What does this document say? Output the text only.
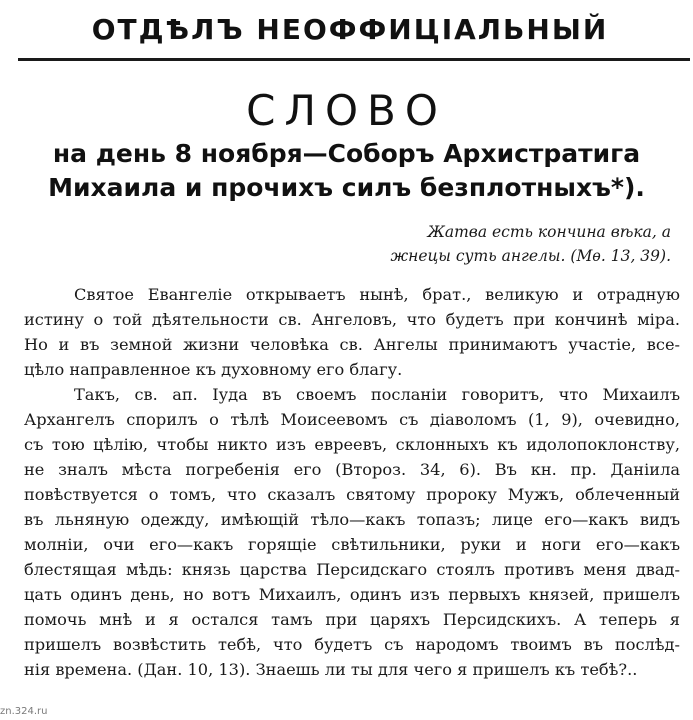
ОТДѢЛЪ НЕОФФИЦІАЛЬНЫЙ
СЛОВО
на день 8 ноября—Соборъ Архистратига
Михаила и прочихъ силъ безплотныхъ*).
Жатва есть кончина вѣка, а
жнецы суть ангелы. (Мѳ. 13, 39).
Святое Евангеліе открываетъ нынѣ, брат., великую и отрадную
истину о той дѣятельности св. Ангеловъ, что будетъ при кончинѣ міра.
Но и въ земной жизни человѣка св. Ангелы принимаютъ участіе, все-
цѣло направленное къ духовному его благу.
Такъ, св. ап. Іуда въ своемъ посланіи говоритъ, что Михаилъ
Архангелъ спорилъ о тѣлѣ Моисеевомъ съ діаволомъ (1, 9), очевидно,
съ тою цѣлію, чтобы никто изъ евреевъ, склонныхъ къ идолопоклонству,
не зналъ мѣста погребенія его (Второз. 34, 6). Въ кн. пр. Даніила
повѣствуется о томъ, что сказалъ святому пророку Мужъ, облеченный
въ льняную одежду, имѣющій тѣло—какъ топазъ; лице его—какъ видъ
молніи, очи его—какъ горящіе свѣтильники, руки и ноги его—какъ
блестящая мѣдь: князь царства Персидскаго стоялъ противъ меня двад-
цать одинъ день, но вотъ Михаилъ, одинъ изъ первыхъ князей, пришелъ
помочь мнѣ и я остался тамъ при царяхъ Персидскихъ. А теперь я
пришелъ возвѣстить тебѣ, что будетъ съ народомъ твоимъ въ послѣд-
нія времена. (Дан. 10, 13). Знаешь ли ты для чего я пришелъ къ тебѣ?..
zn.324.ru
